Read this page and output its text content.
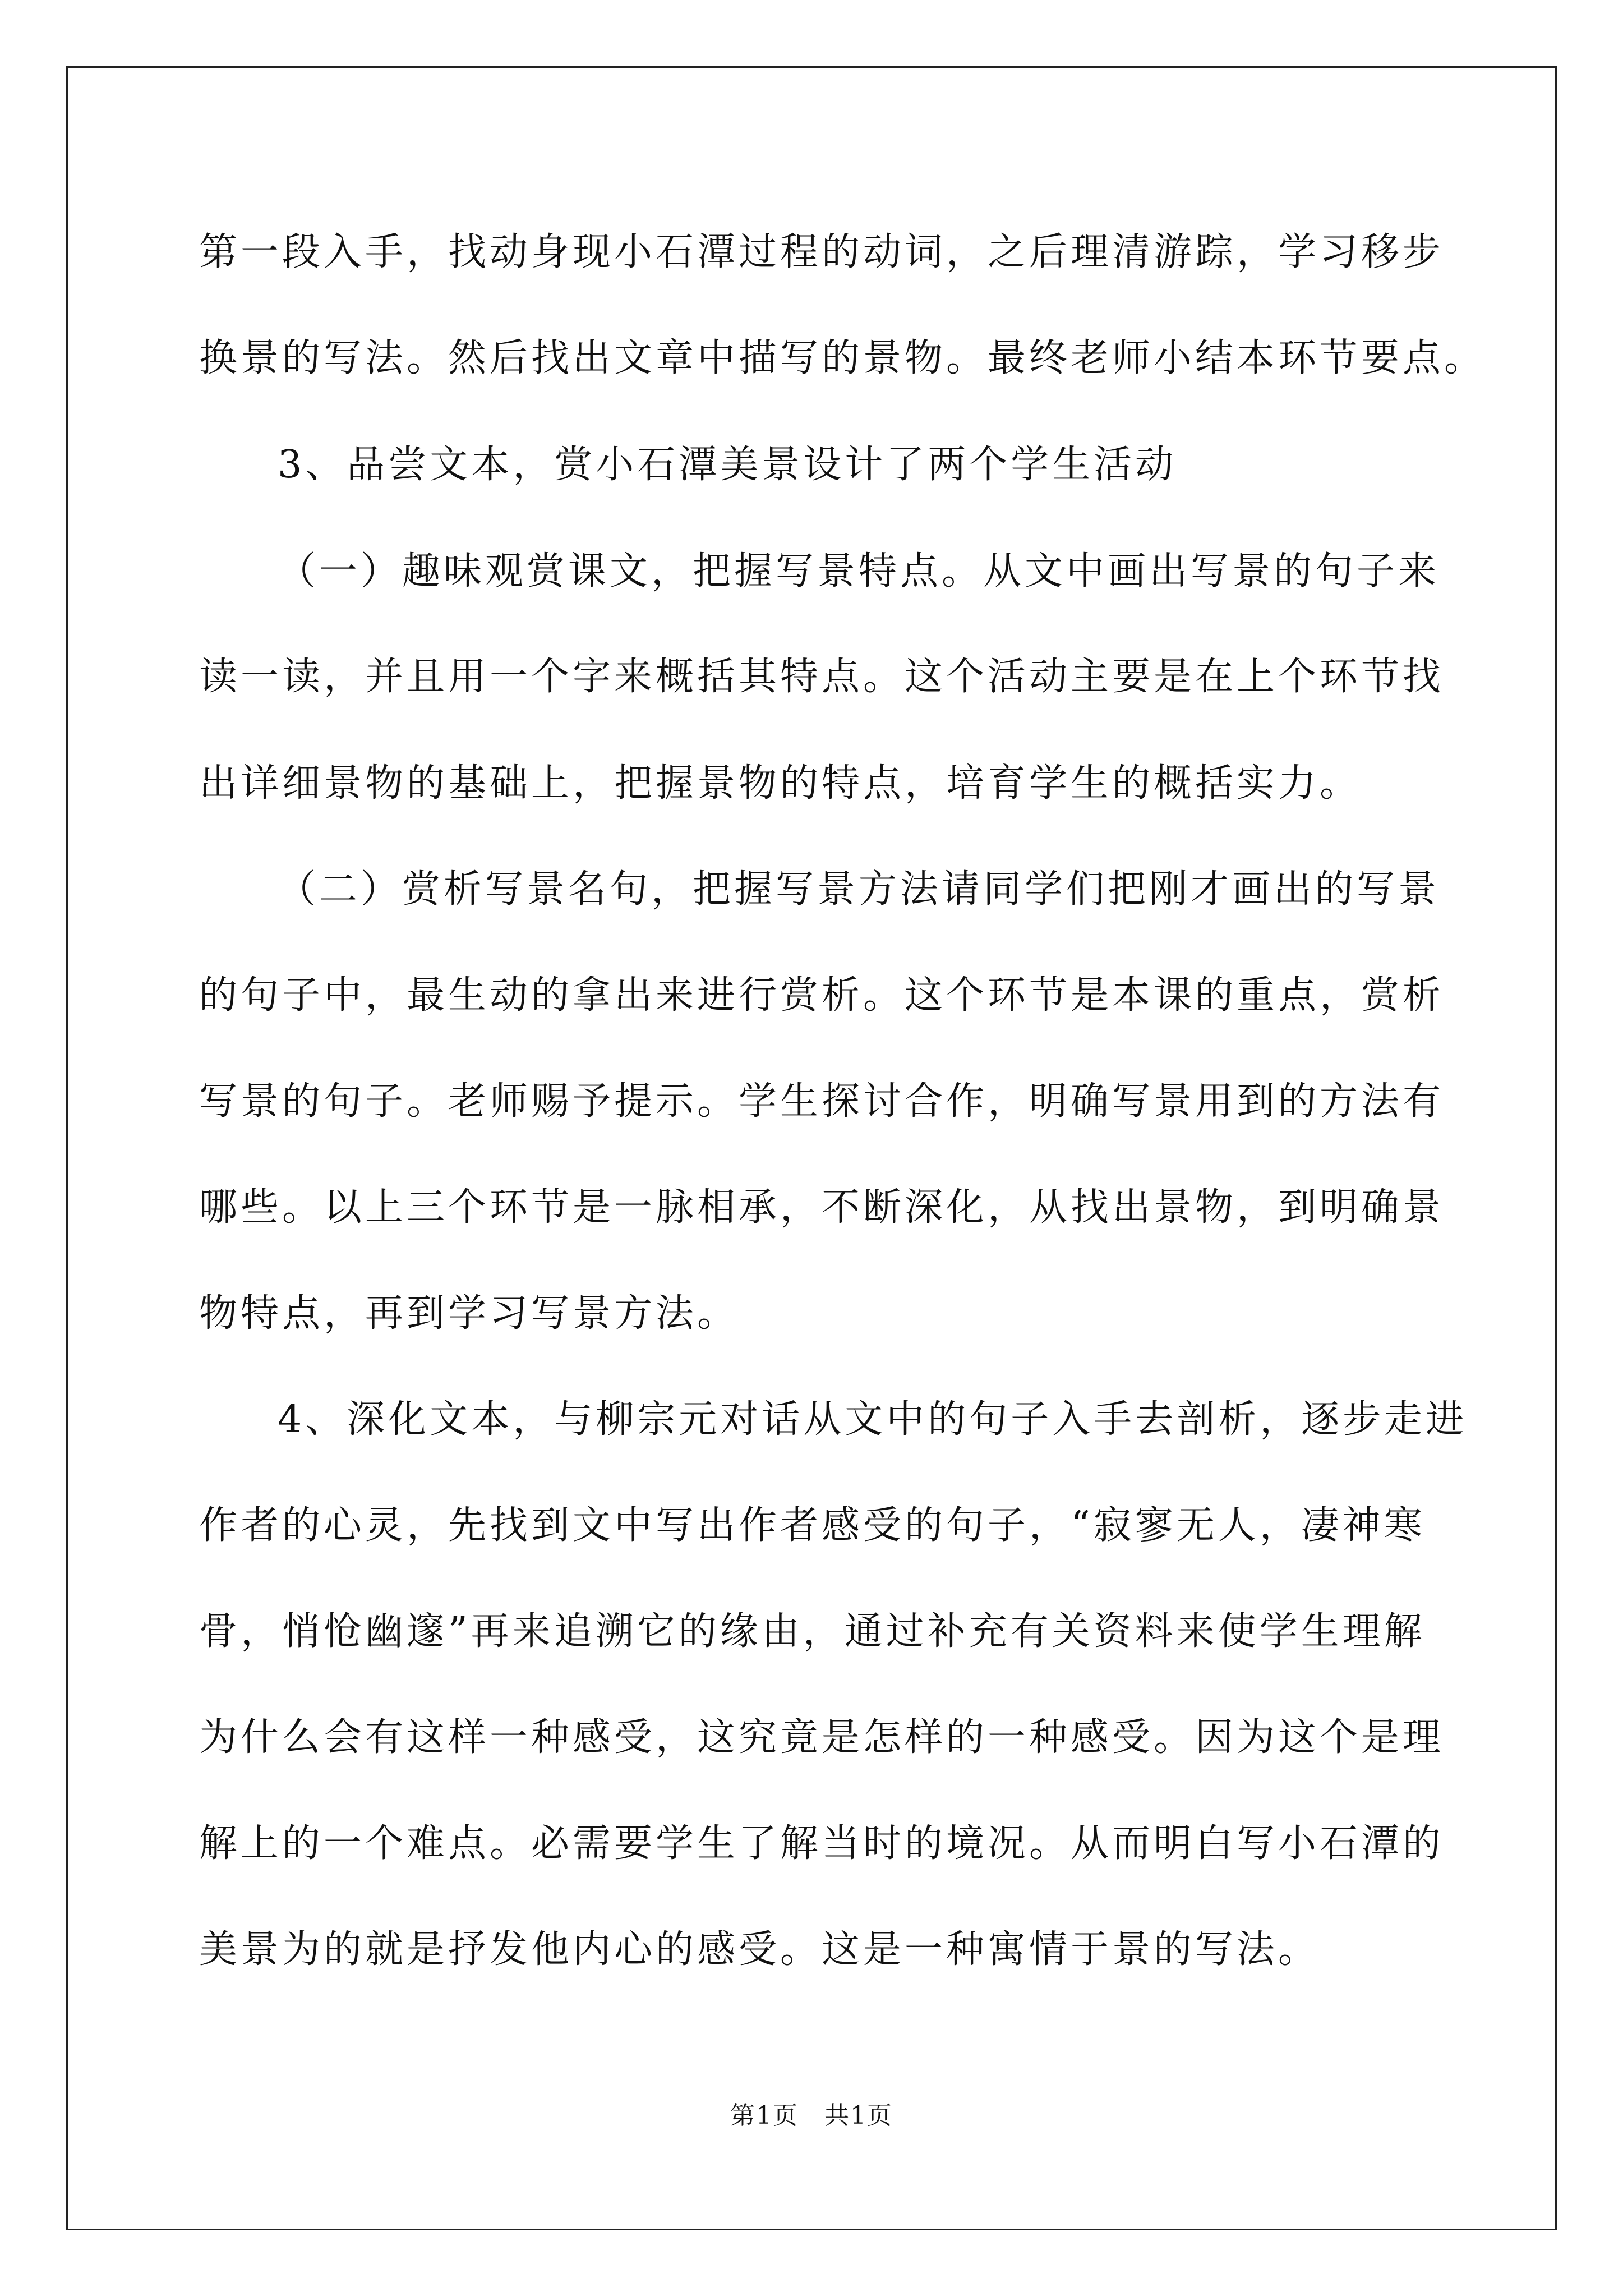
第一段入手，找动身现小石潭过程的动词，之后理清游踪，学习移步

换景的写法。然后找出文章中描写的景物。最终老师小结本环节要点。

3、品尝文本，赏小石潭美景设计了两个学生活动

（一）趣味观赏课文，把握写景特点。从文中画出写景的句子来

读一读，并且用一个字来概括其特点。这个活动主要是在上个环节找

出详细景物的基础上，把握景物的特点，培育学生的概括实力。

（二）赏析写景名句，把握写景方法请同学们把刚才画出的写景

的句子中，最生动的拿出来进行赏析。这个环节是本课的重点，赏析

写景的句子。老师赐予提示。学生探讨合作，明确写景用到的方法有

哪些。以上三个环节是一脉相承，不断深化，从找出景物，到明确景

物特点，再到学习写景方法。

4、深化文本，与柳宗元对话从文中的句子入手去剖析，逐步走进

作者的心灵，先找到文中写出作者感受的句子，“寂寥无人，凄神寒

骨，悄怆幽邃”再来追溯它的缘由，通过补充有关资料来使学生理解

为什么会有这样一种感受，这究竟是怎样的一种感受。因为这个是理

解上的一个难点。必需要学生了解当时的境况。从而明白写小石潭的

美景为的就是抒发他内心的感受。这是一种寓情于景的写法。

第1页　共1页
